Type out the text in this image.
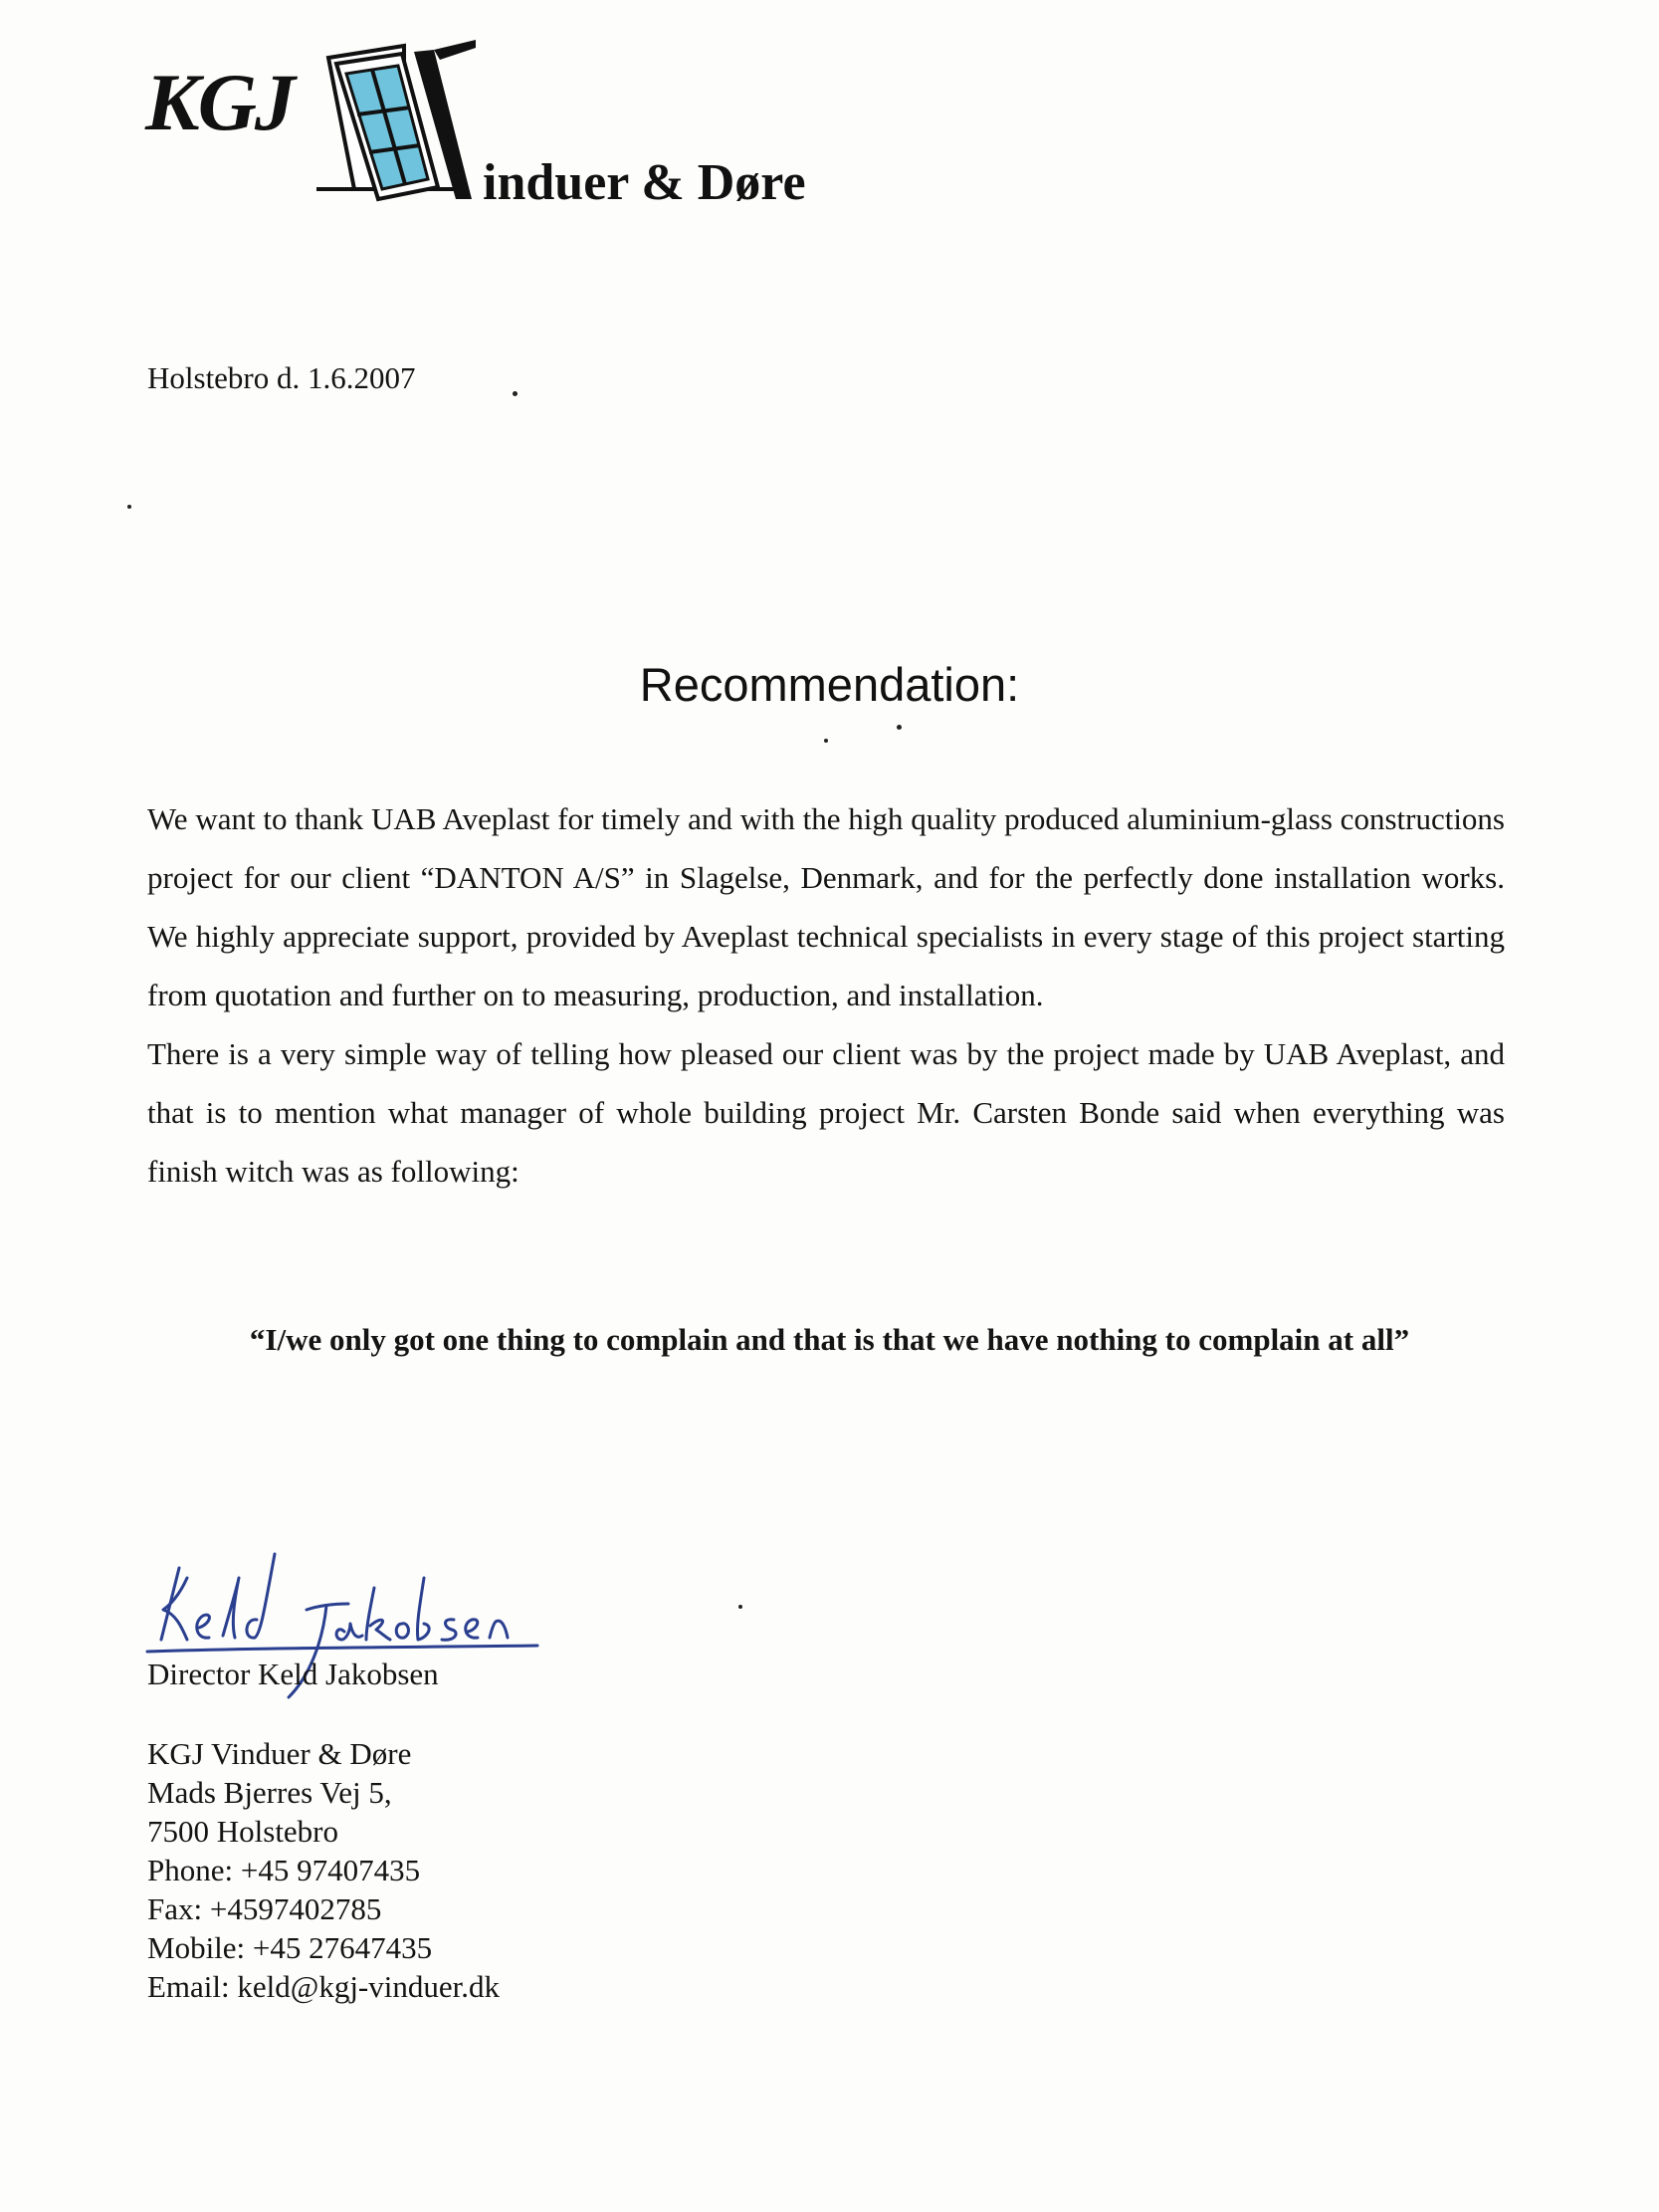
KGJ
induer & Døre
Holstebro d. 1.6.2007
Recommendation:

We want to thank UAB Aveplast for timely and with the high quality produced aluminium-glass constructions project for our client “DANTON A/S” in Slagelse, Denmark, and for the perfectly done installation works. We highly appreciate support, provided by Aveplast technical specialists in every stage of this project starting from quotation and further on to measuring, production, and installation.

There is a very simple way of telling how pleased our client was by the project made by UAB Aveplast, and that is to mention what manager of whole building project Mr. Carsten Bonde said when everything was finish witch was as following:

“I/we only got one thing to complain and that is that we have nothing to complain at all”
Director Keld Jakobsen
KGJ Vinduer & Døre
Mads Bjerres Vej 5,
7500 Holstebro
Phone: +45 97407435
Fax: +4597402785
Mobile: +45 27647435
Email: keld@kgj-vinduer.dk
